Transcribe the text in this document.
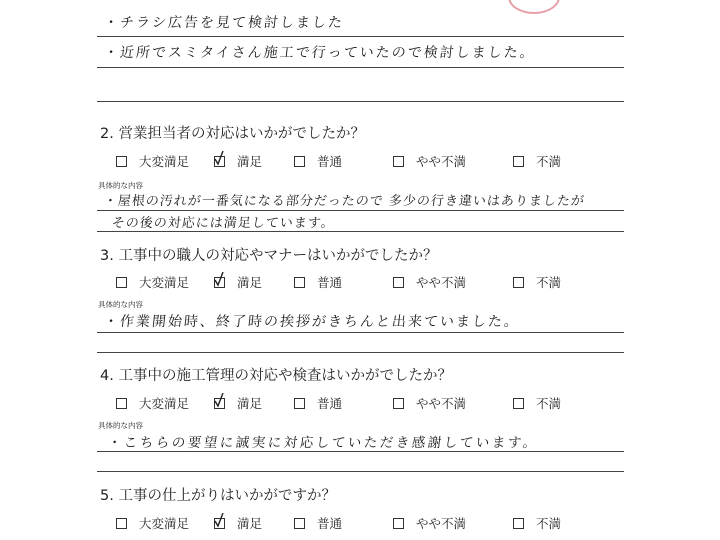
・チラシ広告を見て検討しました
・近所でスミタイさん施工で行っていたので検討しました。
2. 営業担当者の対応はいかがでしたか？
大変満足	満足	普通	やや不満	不満
具体的な内容
・屋根の汚れが一番気になる部分だったので 多少の行き違いはありましたが
その後の対応には満足しています。
3. 工事中の職人の対応やマナーはいかがでしたか？
大変満足	満足	普通	やや不満	不満
具体的な内容
・作業開始時、終了時の挨拶がきちんと出来ていました。
4. 工事中の施工管理の対応や検査はいかがでしたか？
大変満足	満足	普通	やや不満	不満
具体的な内容
・こちらの要望に誠実に対応していただき感謝しています。
5. 工事の仕上がりはいかがですか？
大変満足	満足	普通	やや不満	不満
